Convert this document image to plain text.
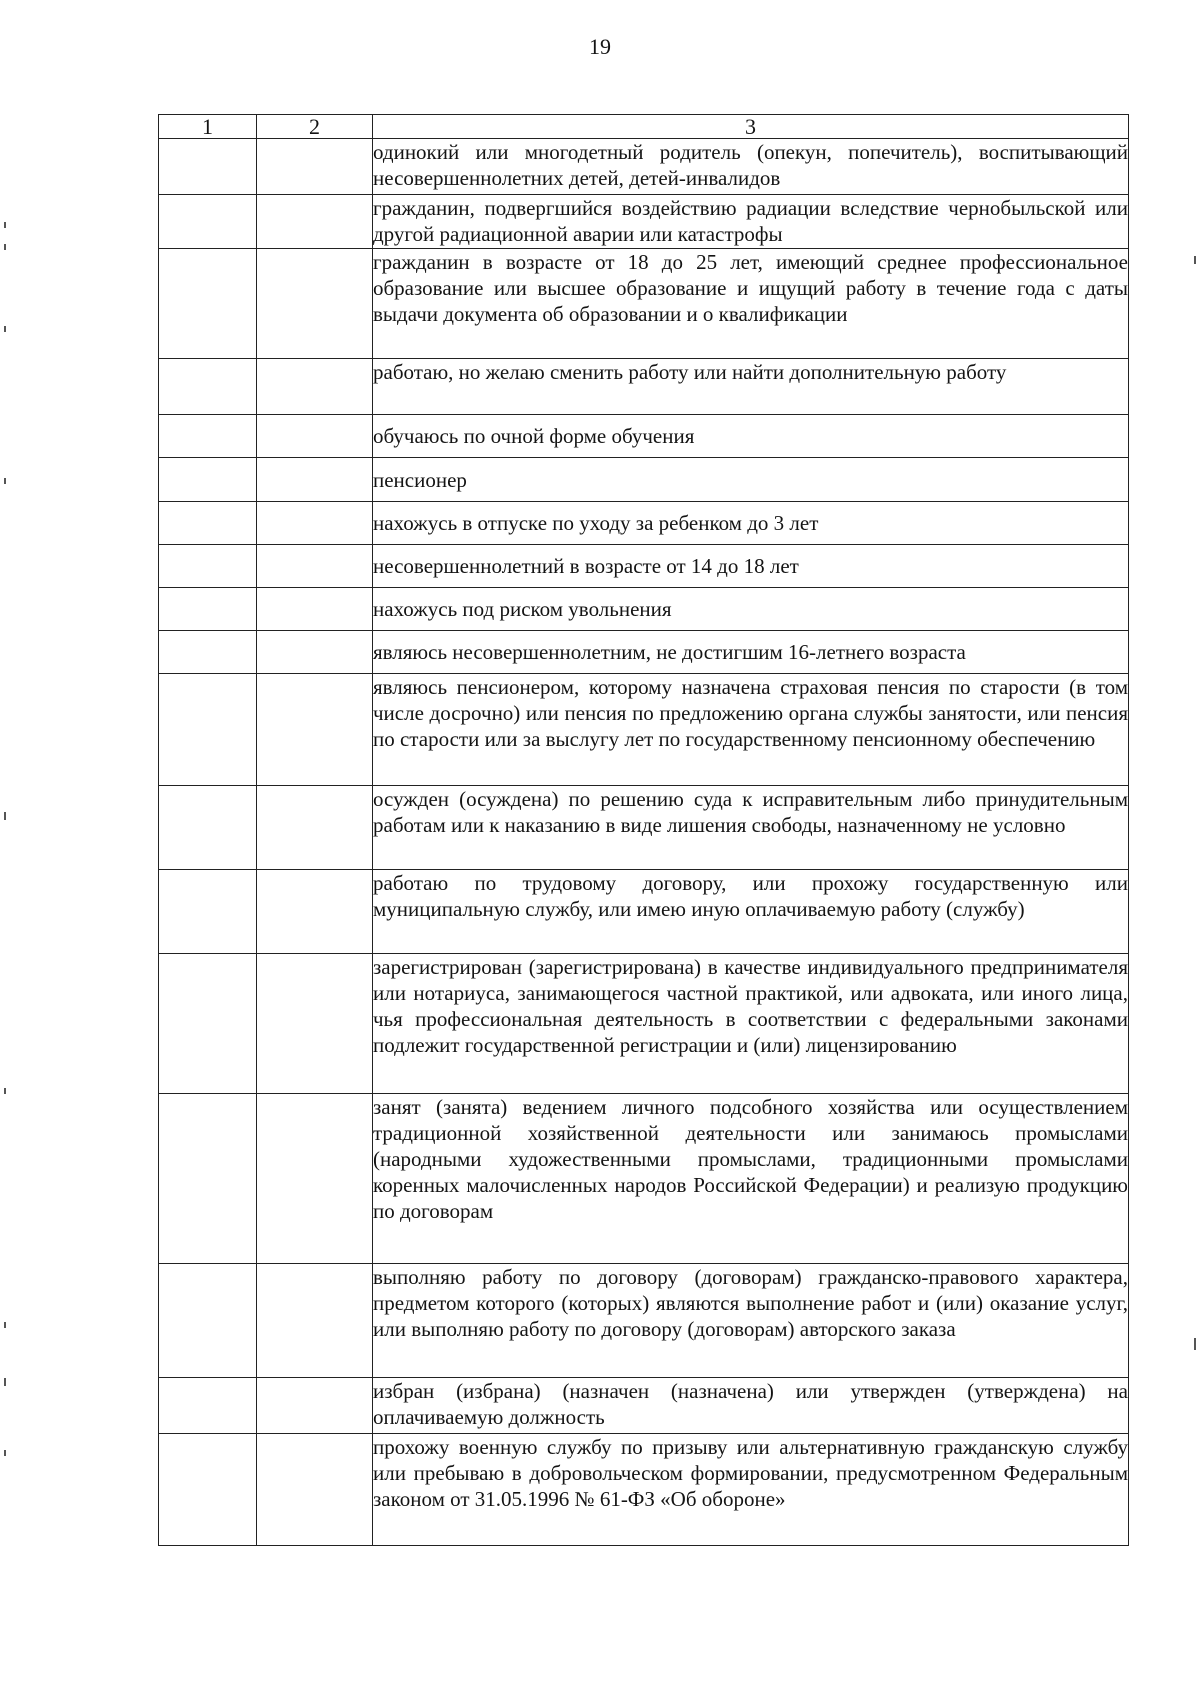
19
1	2	3
		одинокий или многодетный родитель (опекун, попечитель), воспитывающий несовершеннолетних детей, детей-инвалидов
		гражданин, подвергшийся воздействию радиации вследствие чернобыльской или другой радиационной аварии или катастрофы
		гражданин в возрасте от 18 до 25 лет, имеющий среднее профессиональное образование или высшее образование и ищущий работу в течение года с даты выдачи документа об образовании и о квалификации
		работаю, но желаю сменить работу или найти дополнительную работу
		обучаюсь по очной форме обучения
		пенсионер
		нахожусь в отпуске по уходу за ребенком до 3 лет
		несовершеннолетний в возрасте от 14 до 18 лет
		нахожусь под риском увольнения
		являюсь несовершеннолетним, не достигшим 16-летнего возраста
		являюсь пенсионером, которому назначена страховая пенсия по старости (в том числе досрочно) или пенсия по предложению органа службы занятости, или пенсия по старости или за выслугу лет по государственному пенсионному обеспечению
		осужден (осуждена) по решению суда к исправительным либо принудительным работам или к наказанию в виде лишения свободы, назначенному не условно
		работаю по трудовому договору, или прохожу государственную или муниципальную службу, или имею иную оплачиваемую работу (службу)
		зарегистрирован (зарегистрирована) в качестве индивидуального предпринимателя или нотариуса, занимающегося частной практикой, или адвоката, или иного лица, чья профессиональная деятельность в соответствии с федеральными законами подлежит государственной регистрации и (или) лицензированию
		занят (занята) ведением личного подсобного хозяйства или осуществлением традиционной хозяйственной деятельности или занимаюсь промыслами (народными художественными промыслами, традиционными промыслами коренных малочисленных народов Российской Федерации) и реализую продукцию по договорам
		выполняю работу по договору (договорам) гражданско-правового характера, предметом которого (которых) являются выполнение работ и (или) оказание услуг, или выполняю работу по договору (договорам) авторского заказа
		избран (избрана) (назначен (назначена) или утвержден (утверждена) на оплачиваемую должность
		прохожу военную службу по призыву или альтернативную гражданскую службу или пребываю в добровольческом формировании, предусмотренном Федеральным законом от 31.05.1996 № 61-ФЗ «Об обороне»
